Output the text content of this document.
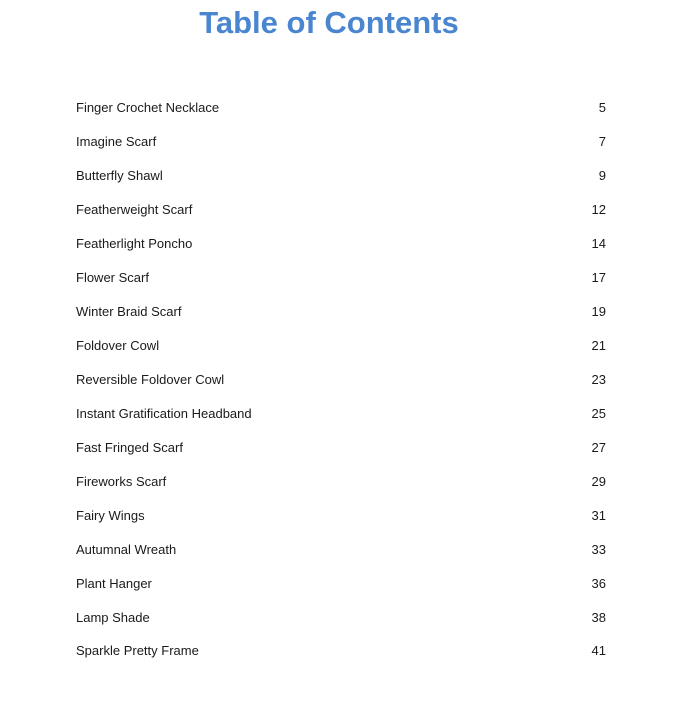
Table of Contents
Finger Crochet Necklace	5
Imagine Scarf	7
Butterfly Shawl	9
Featherweight Scarf	12
Featherlight Poncho	14
Flower Scarf	17
Winter Braid Scarf	19
Foldover Cowl	21
Reversible Foldover Cowl	23
Instant Gratification Headband	25
Fast Fringed Scarf	27
Fireworks Scarf	29
Fairy Wings	31
Autumnal Wreath	33
Plant Hanger	36
Lamp Shade	38
Sparkle Pretty Frame	41
